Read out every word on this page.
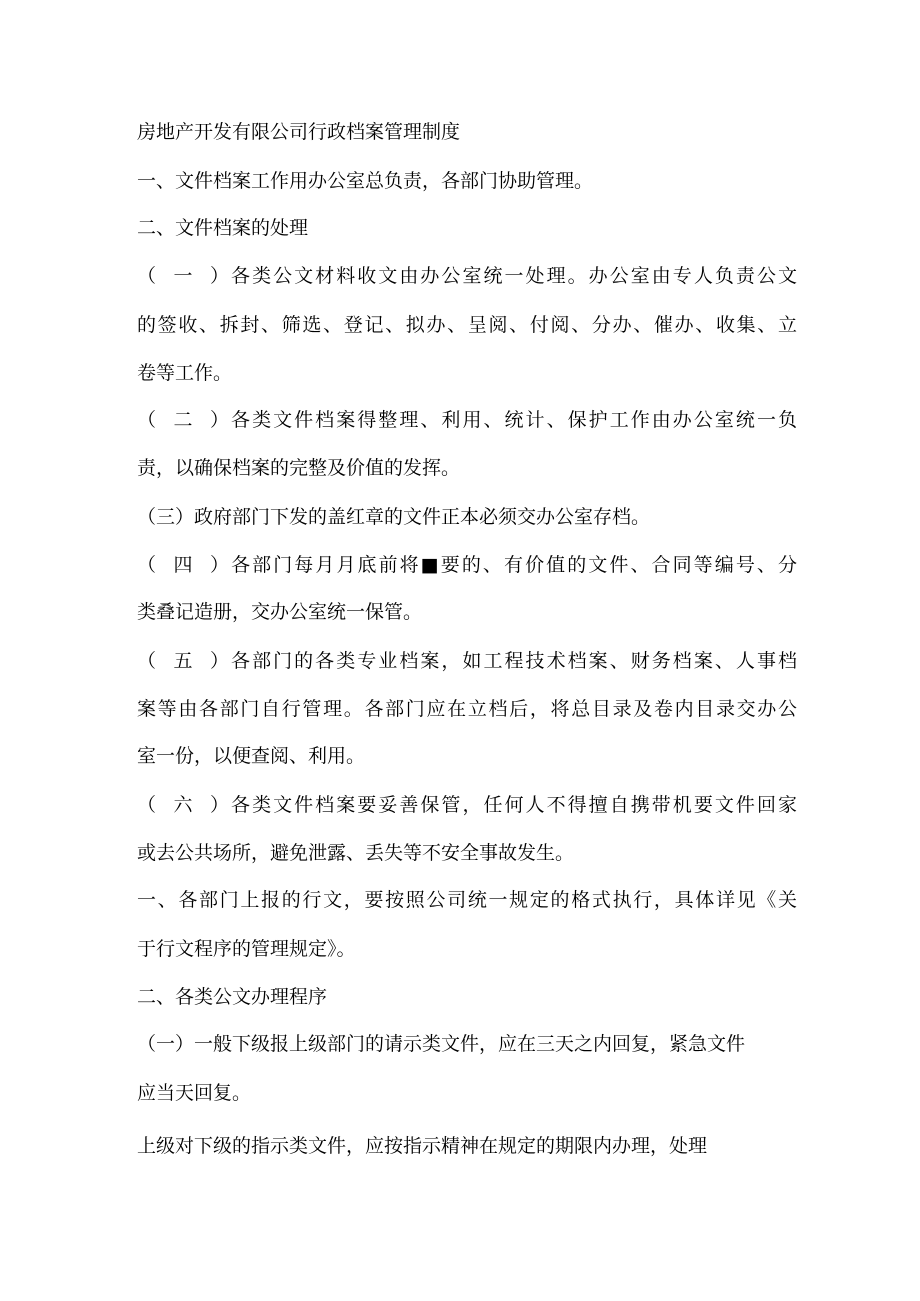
房地产开发有限公司行政档案管理制度
一、文件档案工作用办公室总负责，各部门协助管理。
二、文件档案的处理
（一）各类公文材料收文由办公室统一处理。办公室由专人负责公文
的签收、拆封、筛选、登记、拟办、呈阅、付阅、分办、催办、收集、立
卷等工作。
（二）各类文件档案得整理、利用、统计、保护工作由办公室统一负
责，以确保档案的完整及价值的发挥。
（三）政府部门下发的盖红章的文件正本必须交办公室存档。
（四）各部门每月月底前将■要的、有价值的文件、合同等编号、分
类叠记造册，交办公室统一保管。
（五）各部门的各类专业档案，如工程技术档案、财务档案、人事档
案等由各部门自行管理。各部门应在立档后，将总目录及卷内目录交办公
室一份，以便查阅、利用。
（六）各类文件档案要妥善保管，任何人不得擅自携带机要文件回家
或去公共场所，避免泄露、丢失等不安全事故发生。
一、各部门上报的行文，要按照公司统一规定的格式执行，具体详见《关
于行文程序的管理规定》。
二、各类公文办理程序
（一）一般下级报上级部门的请示类文件，应在三天之内回复，紧急文件
应当天回复。
上级对下级的指示类文件，应按指示精神在规定的期限内办理，处理
